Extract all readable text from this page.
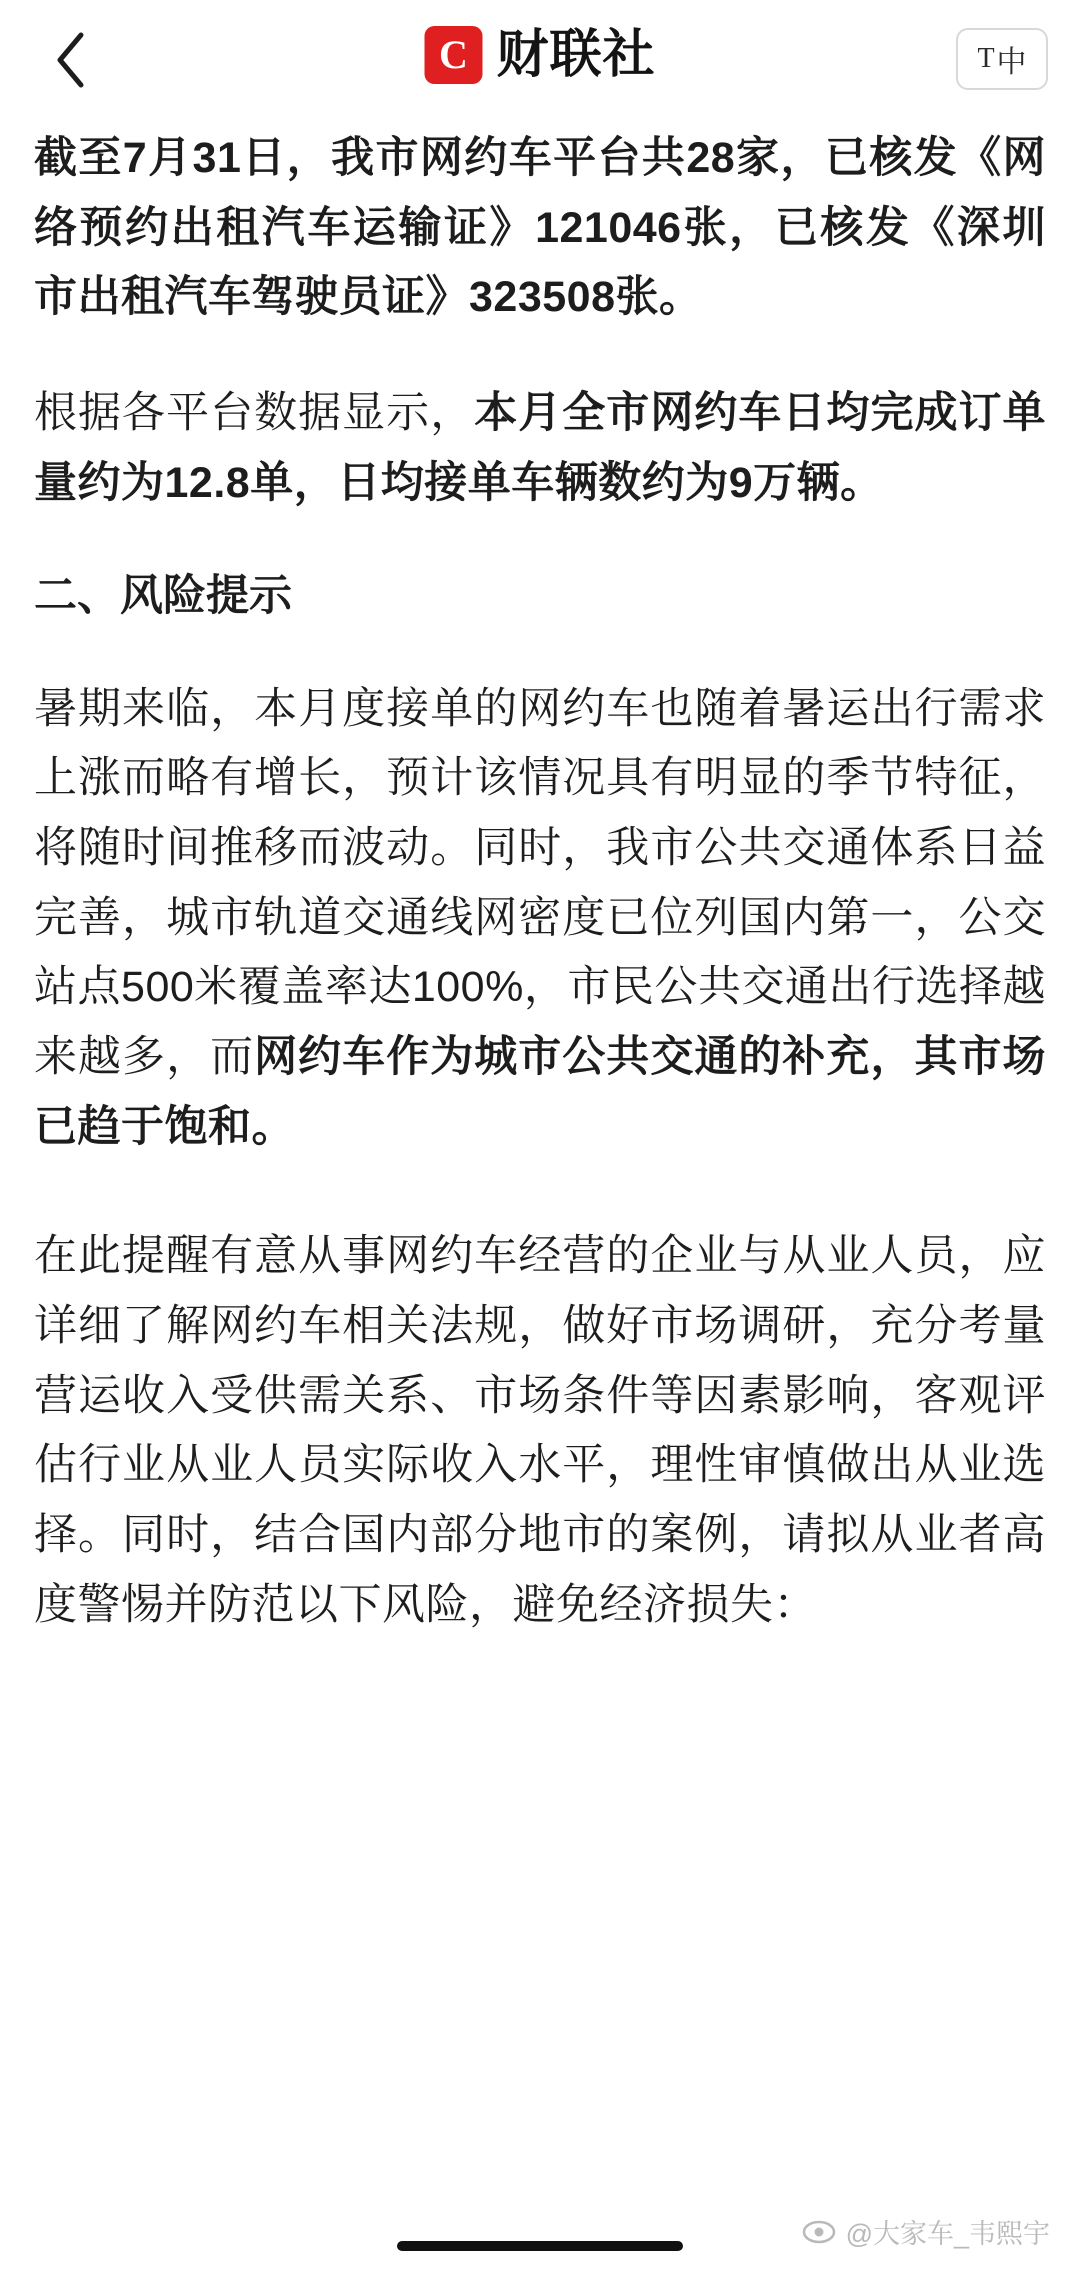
C 财联社	T 中

截至7月31日，我市网约车平台共28家，已核发《网络预约出租汽车运输证》121046张，已核发《深圳市出租汽车驾驶员证》323508张。

根据各平台数据显示，本月全市网约车日均完成订单量约为12.8单，日均接单车辆数约为9万辆。

二、风险提示

暑期来临，本月度接单的网约车也随着暑运出行需求上涨而略有增长，预计该情况具有明显的季节特征，将随时间推移而波动。同时，我市公共交通体系日益完善，城市轨道交通线网密度已位列国内第一，公交站点500米覆盖率达100%，市民公共交通出行选择越来越多，而网约车作为城市公共交通的补充，其市场已趋于饱和。

在此提醒有意从事网约车经营的企业与从业人员，应详细了解网约车相关法规，做好市场调研，充分考量营运收入受供需关系、市场条件等因素影响，客观评估行业从业人员实际收入水平，理性审慎做出从业选择。同时，结合国内部分地市的案例，请拟从业者高度警惕并防范以下风险，避免经济损失：

@大家车_韦熙宇
